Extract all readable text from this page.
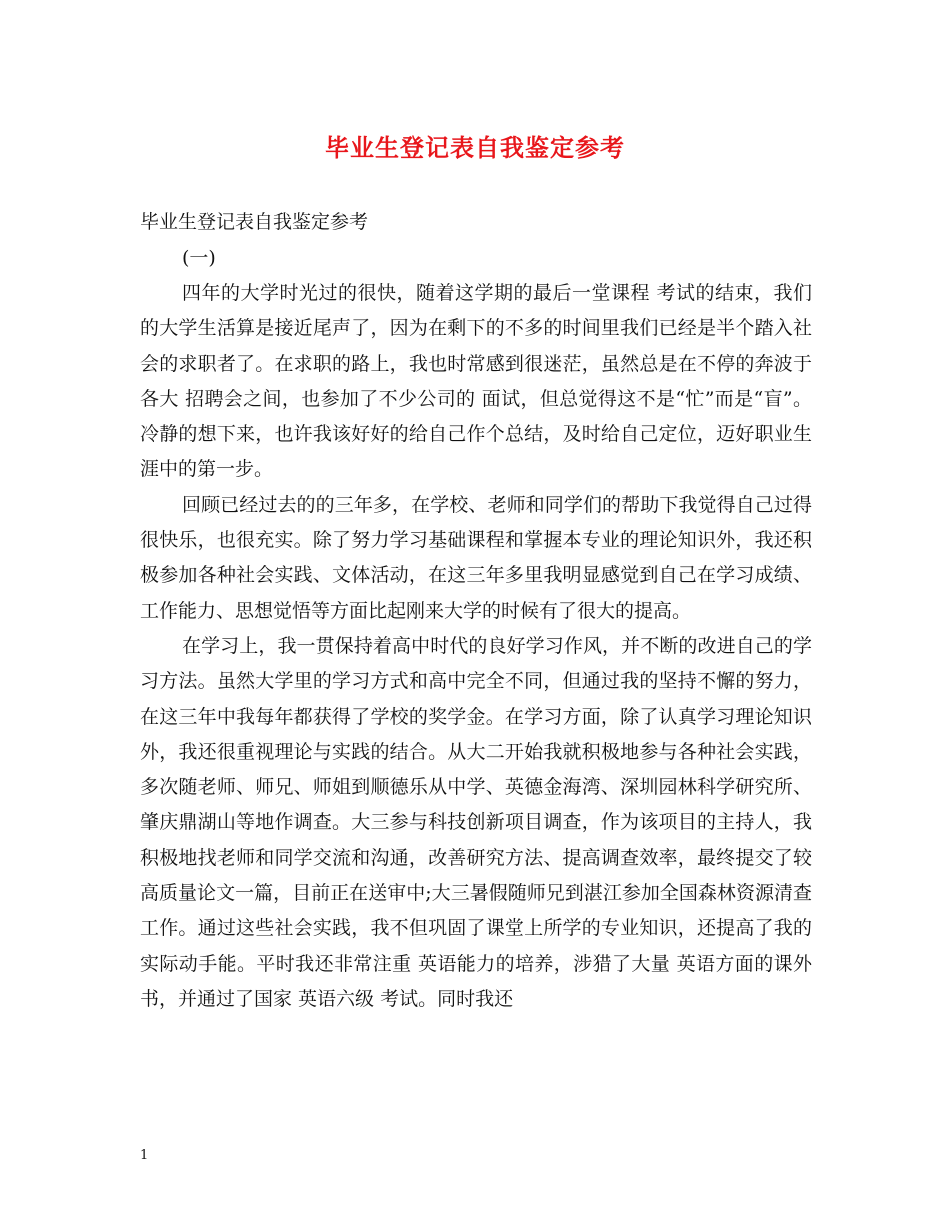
毕业生登记表自我鉴定参考
毕业生登记表自我鉴定参考
(一)

四年的大学时光过的很快，随着这学期的最后一堂课程 考试的结束，我们的大学生活算是接近尾声了，因为在剩下的不多的时间里我们已经是半个踏入社会的求职者了。在求职的路上，我也时常感到很迷茫，虽然总是在不停的奔波于各大 招聘会之间，也参加了不少公司的 面试，但总觉得这不是“忙”而是“盲”。冷静的想下来，也许我该好好的给自己作个总结，及时给自己定位，迈好职业生涯中的第一步。

回顾已经过去的的三年多，在学校、老师和同学们的帮助下我觉得自己过得很快乐，也很充实。除了努力学习基础课程和掌握本专业的理论知识外，我还积极参加各种社会实践、文体活动，在这三年多里我明显感觉到自己在学习成绩、工作能力、思想觉悟等方面比起刚来大学的时候有了很大的提高。

在学习上，我一贯保持着高中时代的良好学习作风，并不断的改进自己的学习方法。虽然大学里的学习方式和高中完全不同，但通过我的坚持不懈的努力，在这三年中我每年都获得了学校的奖学金。在学习方面，除了认真学习理论知识外，我还很重视理论与实践的结合。从大二开始我就积极地参与各种社会实践，多次随老师、师兄、师姐到顺德乐从中学、英德金海湾、深圳园林科学研究所、肇庆鼎湖山等地作调查。大三参与科技创新项目调查，作为该项目的主持人，我积极地找老师和同学交流和沟通，改善研究方法、提高调查效率，最终提交了较高质量论文一篇，目前正在送审中;大三暑假随师兄到湛江参加全国森林资源清查工作。通过这些社会实践，我不但巩固了课堂上所学的专业知识，还提高了我的实际动手能。平时我还非常注重 英语能力的培养，涉猎了大量 英语方面的课外书，并通过了国家 英语六级 考试。同时我还

1
